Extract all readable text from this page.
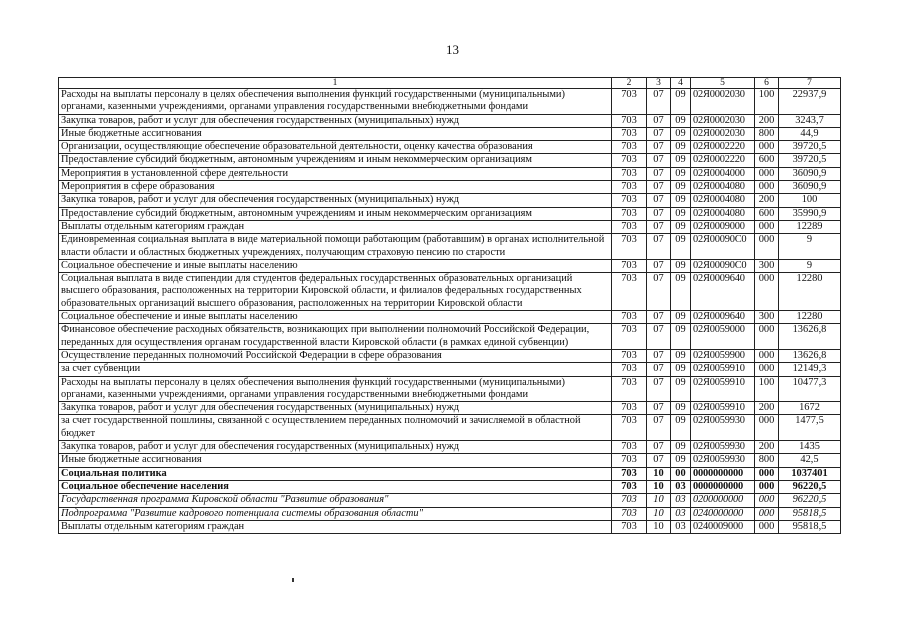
13
1	2	3	4	5	6	7
Расходы на выплаты персоналу в целях обеспечения выполнения функций государственными (муниципальными) органами, казенными учреждениями, органами управления государственными внебюджетными фондами	703	07	09	02Я0002030	100	22937,9
Закупка товаров, работ и услуг для обеспечения государственных (муниципальных) нужд	703	07	09	02Я0002030	200	3243,7
Иные бюджетные ассигнования	703	07	09	02Я0002030	800	44,9
Организации, осуществляющие обеспечение образовательной деятельности, оценку качества образования	703	07	09	02Я0002220	000	39720,5
Предоставление субсидий бюджетным, автономным учреждениям и иным некоммерческим организациям	703	07	09	02Я0002220	600	39720,5
Мероприятия в установленной сфере деятельности	703	07	09	02Я0004000	000	36090,9
Мероприятия в сфере образования	703	07	09	02Я0004080	000	36090,9
Закупка товаров, работ и услуг для обеспечения государственных (муниципальных) нужд	703	07	09	02Я0004080	200	100
Предоставление субсидий бюджетным, автономным учреждениям и иным некоммерческим организациям	703	07	09	02Я0004080	600	35990,9
Выплаты отдельным категориям граждан	703	07	09	02Я0009000	000	12289
Единовременная социальная выплата в виде материальной помощи работающим (работавшим) в органах исполнительной власти области и областных бюджетных учреждениях, получающим страховую пенсию по старости	703	07	09	02Я00090С0	000	9
Социальное обеспечение и иные выплаты населению	703	07	09	02Я00090С0	300	9
Социальная выплата в виде стипендии для студентов федеральных государственных образовательных организаций высшего образования, расположенных на территории Кировской области, и филиалов федеральных государственных образовательных организаций высшего образования, расположенных на территории Кировской области	703	07	09	02Я0009640	000	12280
Социальное обеспечение и иные выплаты населению	703	07	09	02Я0009640	300	12280
Финансовое обеспечение расходных обязательств, возникающих при выполнении полномочий Российской Федерации, переданных для осуществления органам государственной власти Кировской области (в рамках единой субвенции)	703	07	09	02Я0059000	000	13626,8
Осуществление переданных полномочий Российской Федерации в сфере образования	703	07	09	02Я0059900	000	13626,8
за счет субвенции	703	07	09	02Я0059910	000	12149,3
Расходы на выплаты персоналу в целях обеспечения выполнения функций государственными (муниципальными) органами, казенными учреждениями, органами управления государственными внебюджетными фондами	703	07	09	02Я0059910	100	10477,3
Закупка товаров, работ и услуг для обеспечения государственных (муниципальных) нужд	703	07	09	02Я0059910	200	1672
за счет государственной пошлины, связанной с осуществлением переданных полномочий и зачисляемой в областной бюджет	703	07	09	02Я0059930	000	1477,5
Закупка товаров, работ и услуг для обеспечения государственных (муниципальных) нужд	703	07	09	02Я0059930	200	1435
Иные бюджетные ассигнования	703	07	09	02Я0059930	800	42,5
Социальная политика	703	10	00	0000000000	000	1037401
Социальное обеспечение населения	703	10	03	0000000000	000	96220,5
Государственная программа Кировской области "Развитие образования"	703	10	03	0200000000	000	96220,5
Подпрограмма "Развитие кадрового потенциала системы образования области"	703	10	03	0240000000	000	95818,5
Выплаты отдельным категориям граждан	703	10	03	0240009000	000	95818,5
